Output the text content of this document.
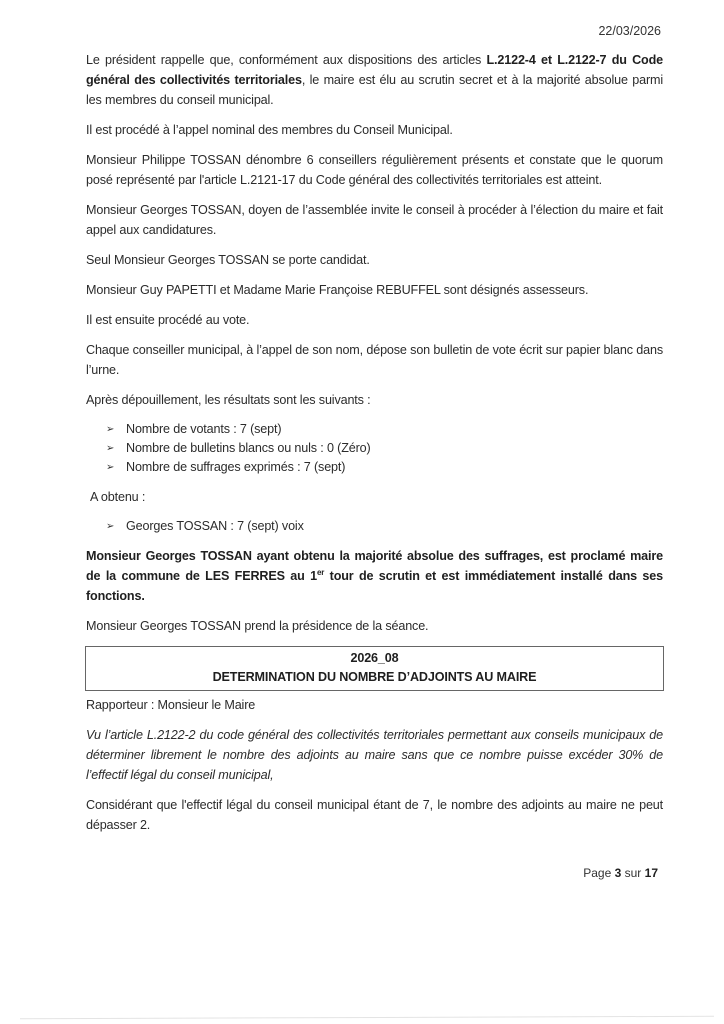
22/03/2026

Le président rappelle que, conformément aux dispositions des articles L.2122-4 et L.2122-7 du Code général des collectivités territoriales, le maire est élu au scrutin secret et à la majorité absolue parmi les membres du conseil municipal.

Il est procédé à l’appel nominal des membres du Conseil Municipal.

Monsieur Philippe TOSSAN dénombre 6 conseillers régulièrement présents et constate que le quorum posé représenté par l'article L.2121-17 du Code général des collectivités territoriales est atteint.

Monsieur Georges TOSSAN, doyen de l’assemblée invite le conseil à procéder à l’élection du maire et fait appel aux candidatures.

Seul Monsieur Georges TOSSAN se porte candidat.

Monsieur Guy PAPETTI et Madame Marie Françoise REBUFFEL sont désignés assesseurs.

Il est ensuite procédé au vote.

Chaque conseiller municipal, à l’appel de son nom, dépose son bulletin de vote écrit sur papier blanc dans l’urne.

Après dépouillement, les résultats sont les suivants :

➢ Nombre de votants : 7 (sept)
➢ Nombre de bulletins blancs ou nuls : 0 (Zéro)
➢ Nombre de suffrages exprimés : 7 (sept)

A obtenu :

➢ Georges TOSSAN : 7 (sept) voix

Monsieur Georges TOSSAN ayant obtenu la majorité absolue des suffrages, est proclamé maire de la commune de LES FERRES au 1er tour de scrutin et est immédiatement installé dans ses fonctions.

Monsieur Georges TOSSAN prend la présidence de la séance.

2026_08
DETERMINATION DU NOMBRE D’ADJOINTS AU MAIRE

Rapporteur : Monsieur le Maire

Vu l’article L.2122-2 du code général des collectivités territoriales permettant aux conseils municipaux de déterminer librement le nombre des adjoints au maire sans que ce nombre puisse excéder 30% de l’effectif légal du conseil municipal,

Considérant que l'effectif légal du conseil municipal étant de 7, le nombre des adjoints au maire ne peut dépasser 2.

Page 3 sur 17
